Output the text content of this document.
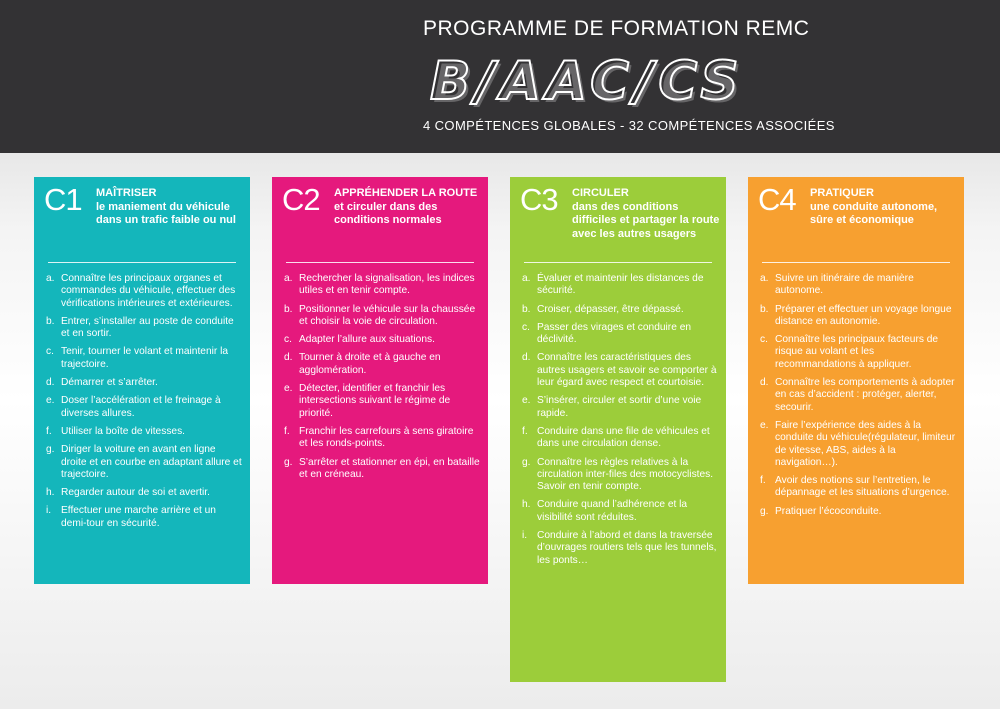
PROGRAMME DE FORMATION REMC
B/AAC/CS
4 COMPÉTENCES GLOBALES - 32 COMPÉTENCES ASSOCIÉES
C1 MAÎTRISER
le maniement du véhicule dans un trafic faible ou nul
a. Connaître les principaux organes et commandes du véhicule, effectuer des vérifications intérieures et extérieures.
b. Entrer, s’installer au poste de conduite et en sortir.
c. Tenir, tourner le volant et maintenir la trajectoire.
d. Démarrer et s’arrêter.
e. Doser l’accélération et le freinage à diverses allures.
f. Utiliser la boîte de vitesses.
g. Diriger la voiture en avant en ligne droite et en courbe en adaptant allure et trajectoire.
h. Regarder autour de soi et avertir.
i. Effectuer une marche arrière et un demi-tour en sécurité.
C2 APPRÉHENDER LA ROUTE
et circuler dans des conditions normales
a. Rechercher la signalisation, les indices utiles et en tenir compte.
b. Positionner le véhicule sur la chaussée et choisir la voie de circulation.
c. Adapter l’allure aux situations.
d. Tourner à droite et à gauche en agglomération.
e. Détecter, identifier et franchir les intersections suivant le régime de priorité.
f. Franchir les carrefours à sens giratoire et les ronds-points.
g. S’arrêter et stationner en épi, en bataille et en créneau.
C3 CIRCULER
dans des conditions difficiles et partager la route avec les autres usagers
a. Évaluer et maintenir les distances de sécurité.
b. Croiser, dépasser, être dépassé.
c. Passer des virages et conduire en déclivité.
d. Connaître les caractéristiques des autres usagers et savoir se comporter à leur égard avec respect et courtoisie.
e. S’insérer, circuler et sortir d’une voie rapide.
f. Conduire dans une file de véhicules et dans une circulation dense.
g. Connaître les règles relatives à la circulation inter-files des motocyclistes. Savoir en tenir compte.
h. Conduire quand l’adhérence et la visibilité sont réduites.
i. Conduire à l’abord et dans la traversée d’ouvrages routiers tels que les tunnels, les ponts…
C4 PRATIQUER
une conduite autonome, sûre et économique
a. Suivre un itinéraire de manière autonome.
b. Préparer et effectuer un voyage longue distance en autonomie.
c. Connaître les principaux facteurs de risque au volant et les recommandations à appliquer.
d. Connaître les comportements à adopter en cas d’accident : protéger, alerter, secourir.
e. Faire l’expérience des aides à la conduite du véhicule(régulateur, limiteur de vitesse, ABS, aides à la navigation…).
f. Avoir des notions sur l’entretien, le dépannage et les situations d’urgence.
g. Pratiquer l’écoconduite.
